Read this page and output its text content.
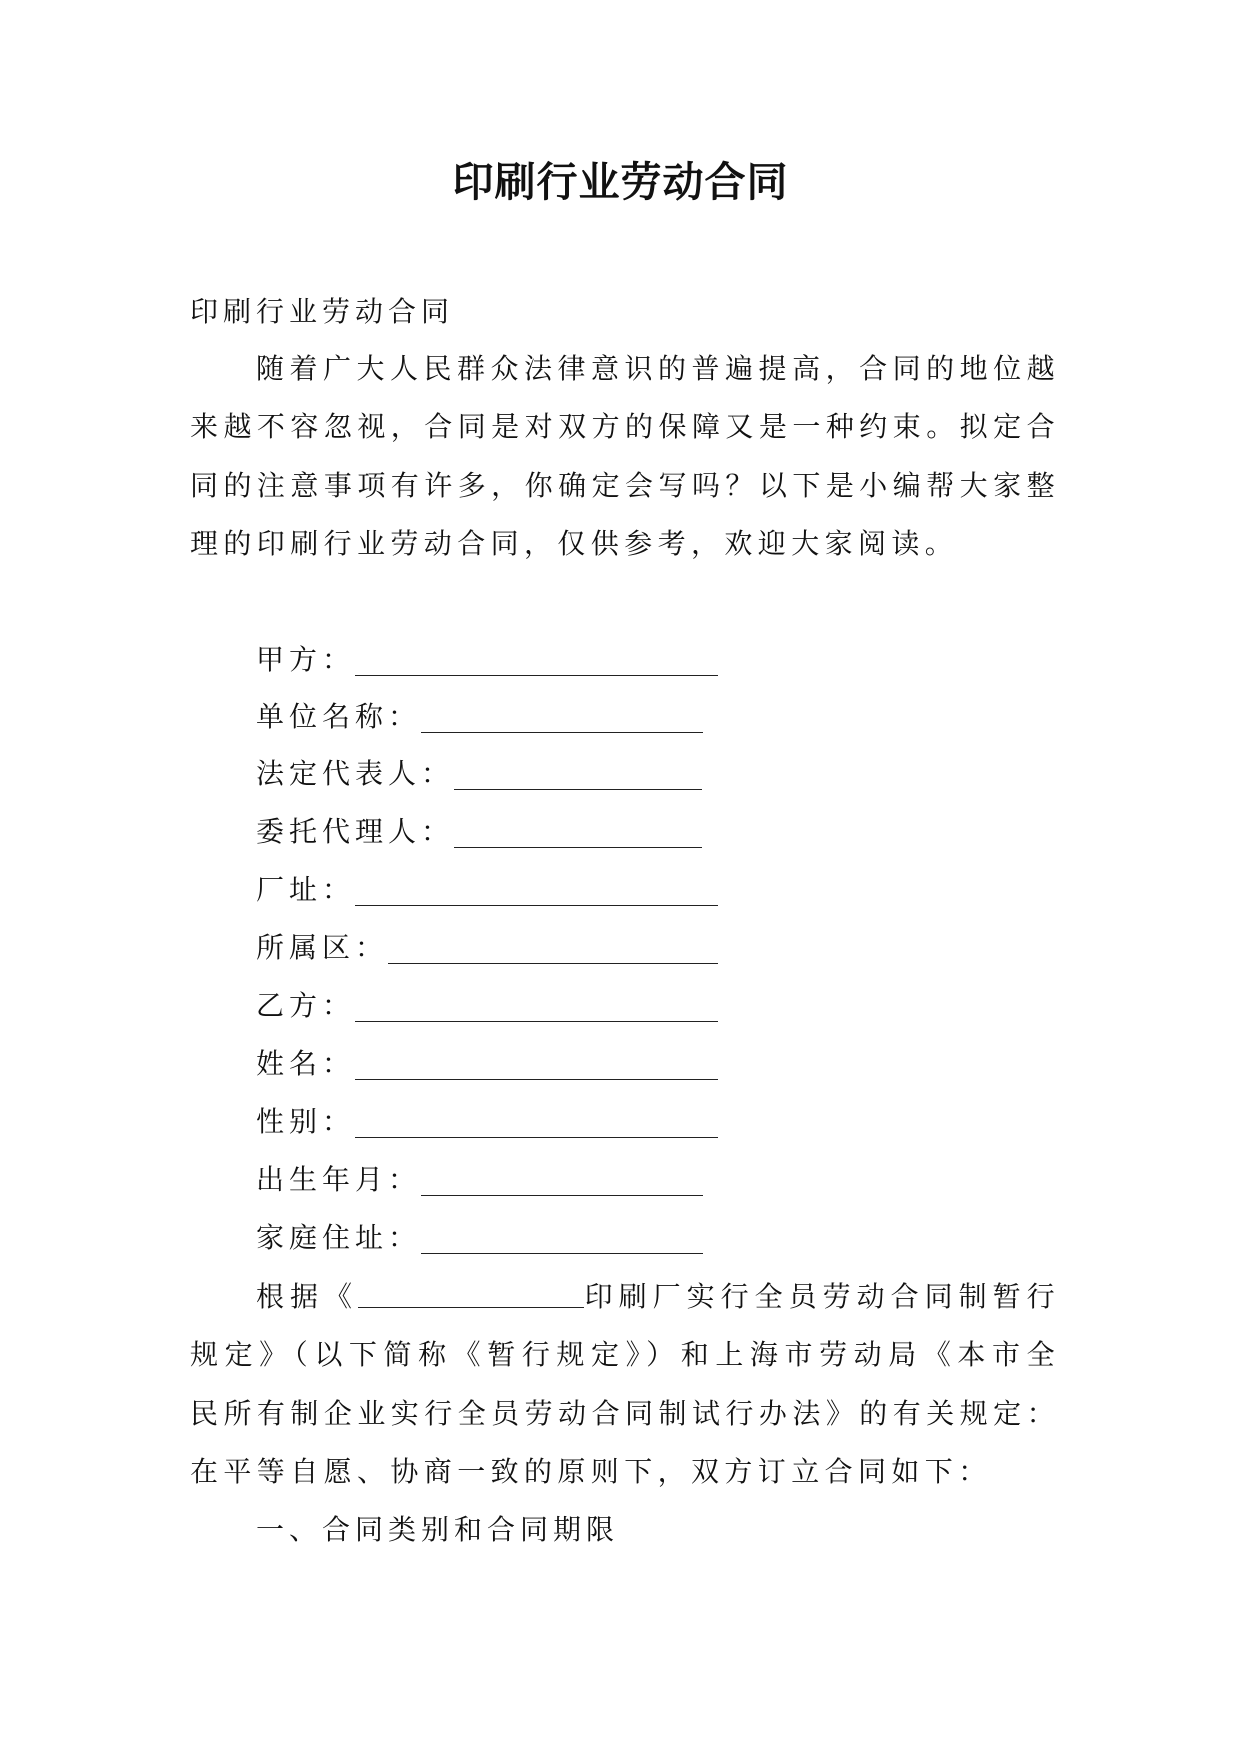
印刷行业劳动合同
印刷行业劳动合同

随着广大人民群众法律意识的普遍提高，合同的地位越来越不容忽视，合同是对双方的保障又是一种约束。拟定合同的注意事项有许多，你确定会写吗？以下是小编帮大家整理的印刷行业劳动合同，仅供参考，欢迎大家阅读。

甲方：
单位名称：
法定代表人：
委托代理人：
厂址：
所属区：
乙方：
姓名：
性别：
出生年月：
家庭住址：

根据《	印刷厂实行全员劳动合同制暂行规定》（以下简称《暂行规定》）和上海市劳动局《本市全民所有制企业实行全员劳动合同制试行办法》的有关规定：在平等自愿、协商一致的原则下，双方订立合同如下：

一、合同类别和合同期限
